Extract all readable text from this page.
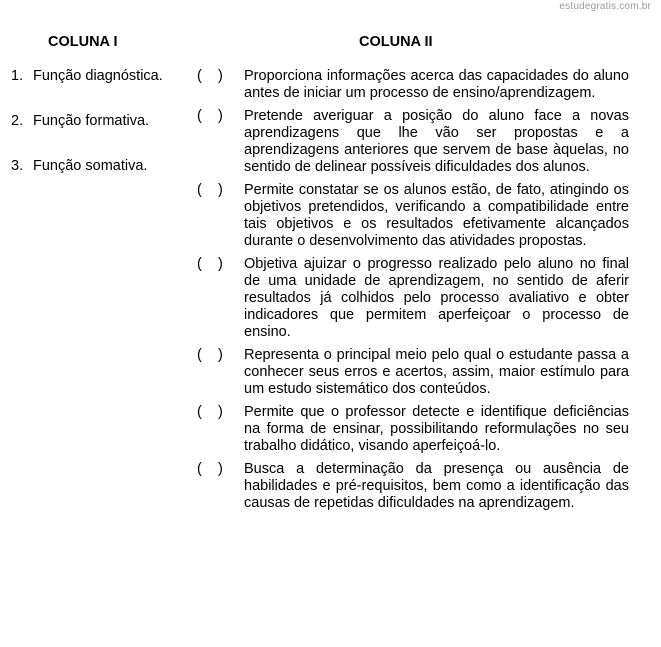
estudegratis.com.br
COLUNA I	COLUNA II
1. Função diagnóstica.
2. Função formativa.
3. Função somativa.
(    )	Proporciona informações acerca das capacidades do aluno antes de iniciar um processo de ensino/aprendizagem.
(    )	Pretende averiguar a posição do aluno face a novas aprendizagens que lhe vão ser propostas e a aprendizagens anteriores que servem de base àquelas, no sentido de delinear possíveis dificuldades dos alunos.
(    )	Permite constatar se os alunos estão, de fato, atingindo os objetivos pretendidos, verificando a compatibilidade entre tais objetivos e os resultados efetivamente alcançados durante o desenvolvimento das atividades propostas.
(    )	Objetiva ajuizar o progresso realizado pelo aluno no final de uma unidade de aprendizagem, no sentido de aferir resultados já colhidos pelo processo avaliativo e obter indicadores que permitem aperfeiçoar o processo de ensino.
(    )	Representa o principal meio pelo qual o estudante passa a conhecer seus erros e acertos, assim, maior estímulo para um estudo sistemático dos conteúdos.
(    )	Permite que o professor detecte e identifique deficiências na forma de ensinar, possibilitando reformulações no seu trabalho didático, visando aperfeiçoá-lo.
(    )	Busca a determinação da presença ou ausência de habilidades e pré-requisitos, bem como a identificação das causas de repetidas dificuldades na aprendizagem.
